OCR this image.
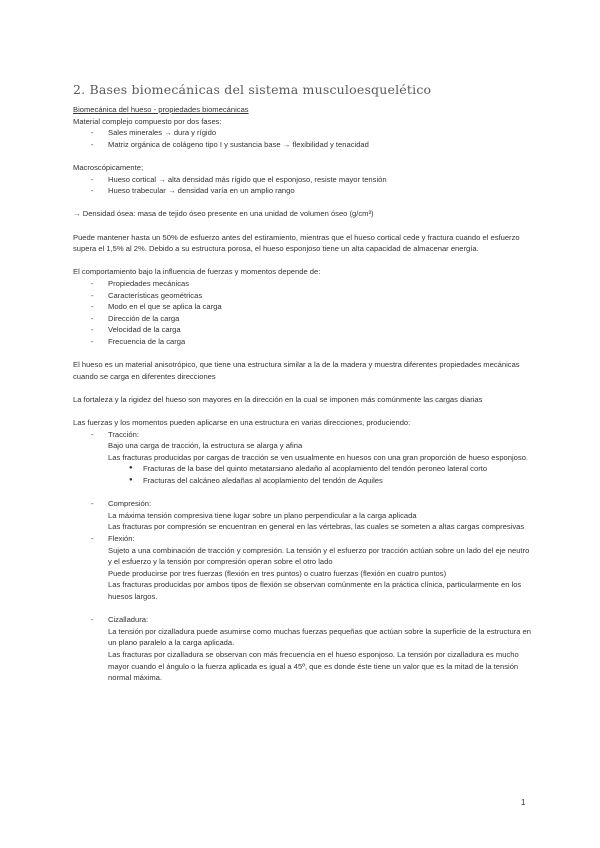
2. Bases biomecánicas del sistema musculoesquelético

Biomecánica del hueso - propiedades biomecánicas

Material complejo compuesto por dos fases:

- Sales minerales → dura y rígido
- Matriz orgánica de colágeno tipo I y sustancia base → flexibilidad y tenacidad

Macroscópicamente;

- Hueso cortical → alta densidad más rígido que el esponjoso, resiste mayor tensión
- Hueso trabecular → densidad varía en un amplio rango

→ Densidad ósea: masa de tejido óseo presente en una unidad de volumen óseo (g/cm³)

Puede mantener hasta un 50% de esfuerzo antes del estiramiento, mientras que el hueso cortical cede y fractura cuando el esfuerzo supera el 1,5% al 2%. Debido a su estructura porosa, el hueso esponjoso tiene un alta capacidad de almacenar energía.

El comportamiento bajo la influencia de fuerzas y momentos depende de:

- Propiedades mecánicas
- Características geométricas
- Modo en el que se aplica la carga
- Dirección de la carga
- Velocidad de la carga
- Frecuencia de la carga

El hueso es un material anisotrópico, que tiene una estructura similar a la de la madera y muestra diferentes propiedades mecánicas cuando se carga en diferentes direcciones

La fortaleza y la rigidez del hueso son mayores en la dirección en la cual se imponen más comúnmente las cargas diarias

Las fuerzas y los momentos pueden aplicarse en una estructura en varias direcciones, produciendo:

- Tracción:
Bajo una carga de tracción, la estructura se alarga y afina
Las fracturas producidas por cargas de tracción se ven usualmente en huesos con una gran proporción de hueso esponjoso.
● Fracturas de la base del quinto metatarsiano aledaño al acoplamiento del tendón peroneo lateral corto
● Fracturas del calcáneo aledañas al acoplamiento del tendón de Aquiles
- Compresión:
La máxima tensión compresiva tiene lugar sobre un plano perpendicular a la carga aplicada
Las fracturas por compresión se encuentran en general en las vértebras, las cuales se someten a altas cargas compresivas
- Flexión:
Sujeto a una combinación de tracción y compresión. La tensión y el esfuerzo por tracción actúan sobre un lado del eje neutro y el esfuerzo y la tensión por compresión operan sobre el otro lado
Puede producirse por tres fuerzas (flexión en tres puntos) o cuatro fuerzas (flexión en cuatro puntos)
Las fracturas producidas por ambos tipos de flexión se observan comúnmente en la práctica clínica, particularmente en los huesos largos.
- Cizalladura:
La tensión por cizalladura puede asumirse como muchas fuerzas pequeñas que actúan sobre la superficie de la estructura en un plano paralelo a la carga aplicada.
Las fracturas por cizalladura se observan con más frecuencia en el hueso esponjoso. La tensión por cizalladura es mucho mayor cuando el ángulo o la fuerza aplicada es igual a 45º, que es donde éste tiene un valor que es la mitad de la tensión normal máxima.
1
